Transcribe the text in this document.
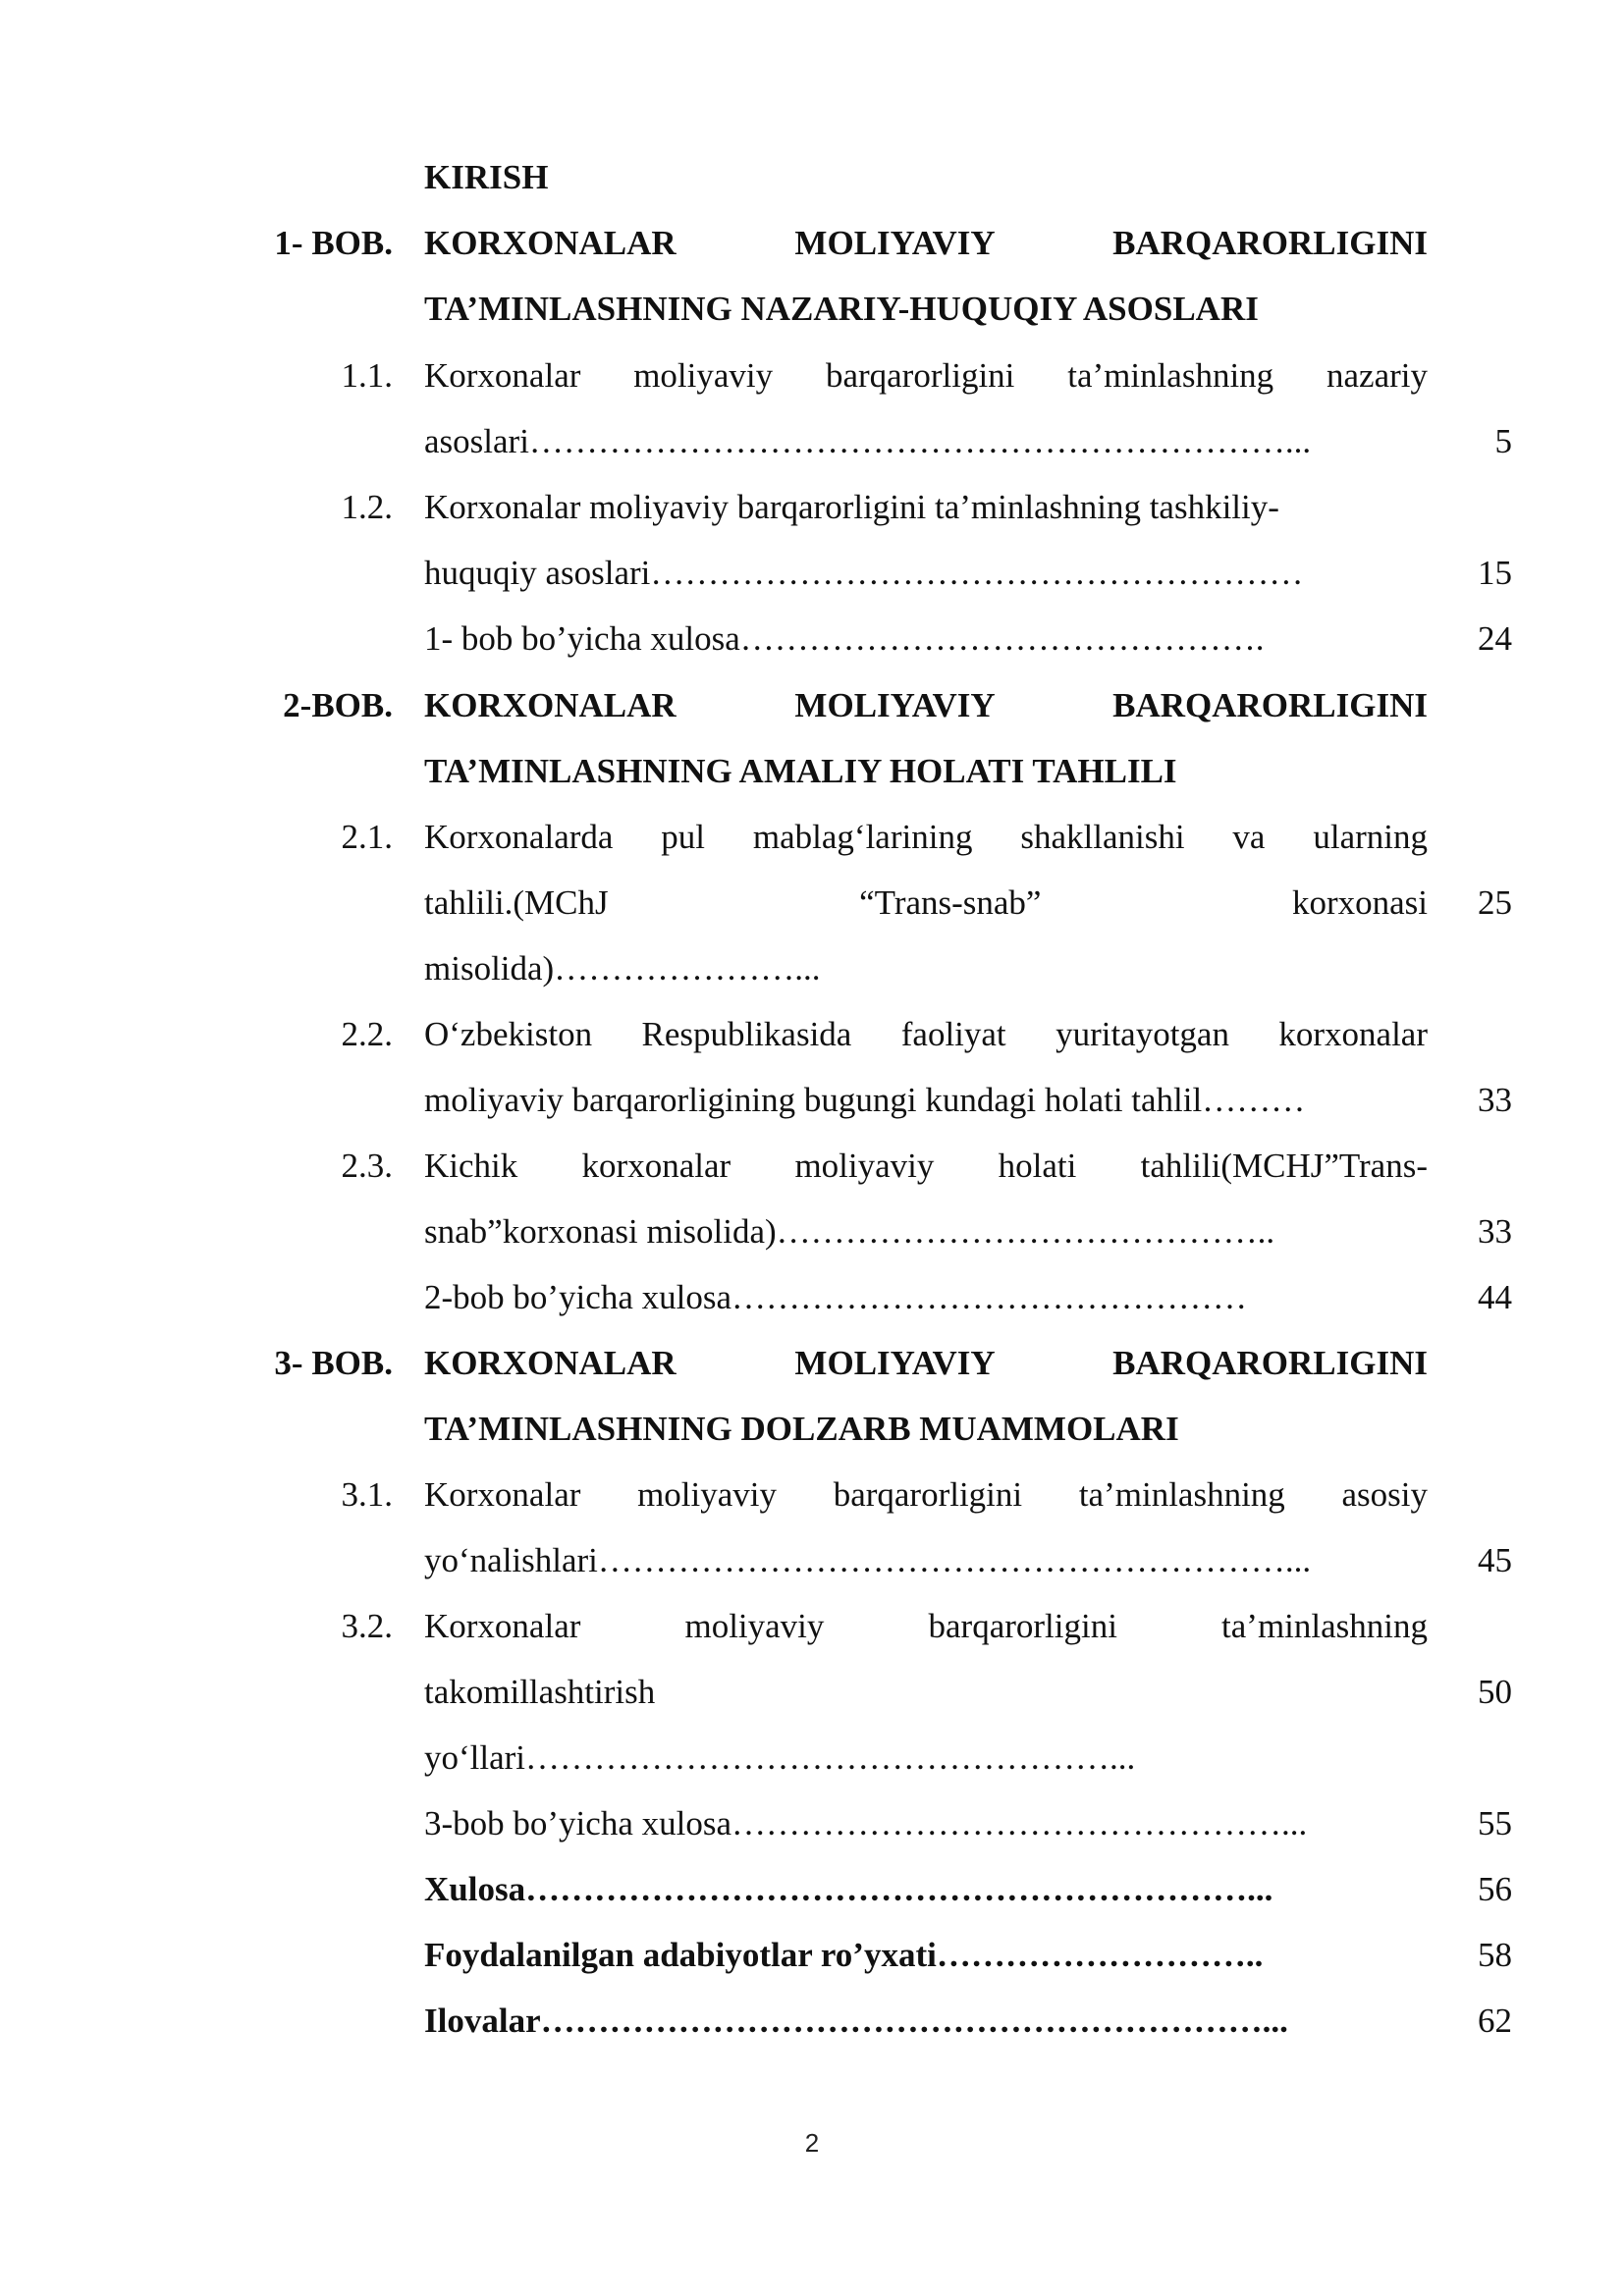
KIRISH
1- BOB. KORXONALAR MOLIYAVIY BARQARORLIGINI
TA’MINLASHNING NAZARIY-HUQUQIY ASOSLARI
1.1. Korxonalar moliyaviy barqarorligini ta’minlashning nazariy
asoslari…………………………………………………………...	5
1.2. Korxonalar moliyaviy barqarorligini ta’minlashning tashkiliy-
huquqiy asoslari…………………………………………………	15
1- bob bo’yicha xulosa……………………………………….	24
2-BOB. KORXONALAR MOLIYAVIY BARQARORLIGINI
TA’MINLASHNING AMALIY HOLATI TAHLILI
2.1. Korxonalarda pul mablag‘larining shakllanishi va ularning
tahlili.(MChJ “Trans-snab” korxonasi	25
misolida)…………………...
2.2. O‘zbekiston Respublikasida faoliyat yuritayotgan korxonalar
moliyaviy barqarorligining bugungi kundagi holati tahlil………	33
2.3. Kichik korxonalar moliyaviy holati tahlili(MCHJ”Trans-
snab”korxonasi misolida)……………………………………..	33
2-bob bo’yicha xulosa………………………………………	44
3- BOB. KORXONALAR MOLIYAVIY BARQARORLIGINI
TA’MINLASHNING DOLZARB MUAMMOLARI
3.1. Korxonalar moliyaviy barqarorligini ta’minlashning asosiy
yo‘nalishlari……………………………………………………...	45
3.2. Korxonalar moliyaviy barqarorligini ta’minlashning
takomillashtirish	50
yo‘llari……………………………………………...
3-bob bo’yicha xulosa…………………………………………...	55
Xulosa………………………………………………………...	56
Foydalanilgan adabiyotlar ro’yxati………………………..	58
Ilovalar………………………………………………………...	62
2
